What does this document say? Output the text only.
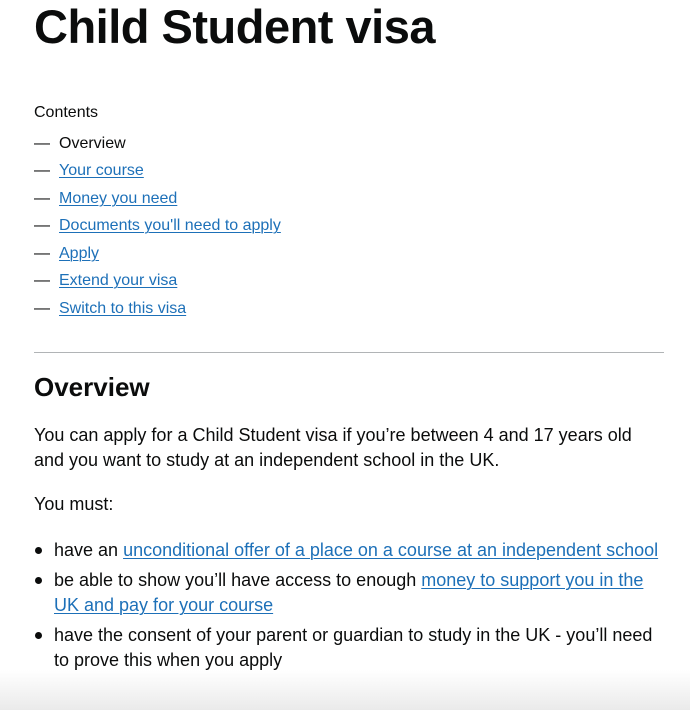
Child Student visa
Contents
— Overview
— Your course
— Money you need
— Documents you'll need to apply
— Apply
— Extend your visa
— Switch to this visa
Overview

You can apply for a Child Student visa if you’re between 4 and 17 years old and you want to study at an independent school in the UK.

You must:

have an unconditional offer of a place on a course at an independent school
be able to show you’ll have access to enough money to support you in the UK and pay for your course
have the consent of your parent or guardian to study in the UK - you’ll need to prove this when you apply
